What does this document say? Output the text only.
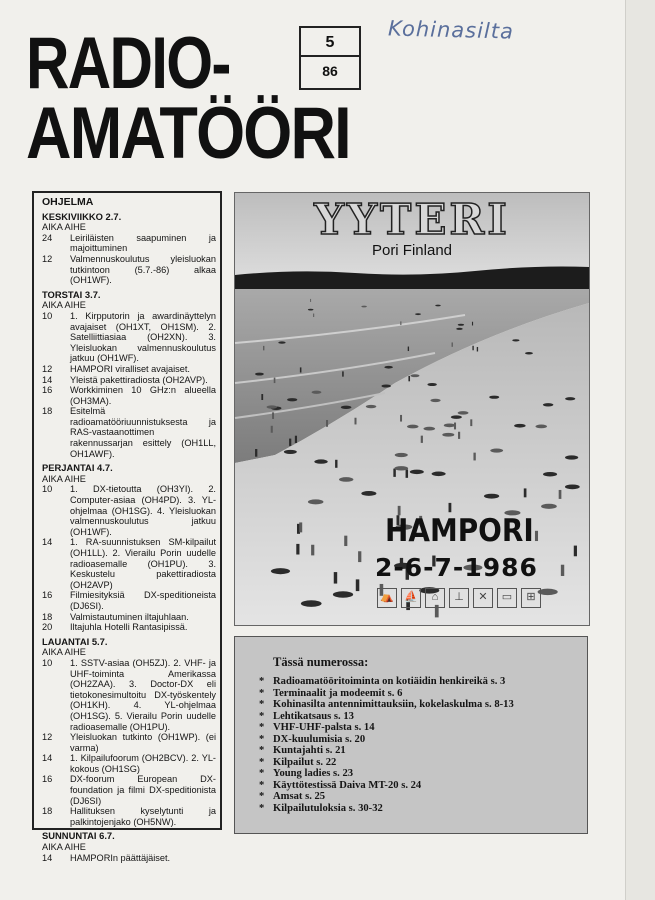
RADIO-
AMATÖÖRI
5
86
Kohinasilta
OHJELMA
KESKIVIIKKO 2.7.
AIKA AIHE
24	Leiriläisten saapuminen ja majoittuminen
12	Valmennuskoulutus yleisluokan tutkintoon (5.7.-86) alkaa (OH1WF).
TORSTAI 3.7.
AIKA AIHE
10	1. Kirpputorin ja awardinäyttelyn avajaiset (OH1XT, OH1SM). 2. Satelliittiasiaa (OH2XN). 3. Yleisluokan valmennuskoulutus jatkuu (OH1WF).
12	HAMPORI viralliset avajaiset.
14	Yleistä pakettiradiosta (OH2AVP).
16	Workkiminen 10 GHz:n alueella (OH3MA).
18	Esitelmä radioamatööriuunnistuksesta ja RAS-vastaanottimen rakennussarjan esittely (OH1LL, OH1AWF).
PERJANTAI 4.7.
AIKA AIHE
10	1. DX-tietoutta (OH3YI). 2. Computer-asiaa (OH4PD). 3. YL-ohjelmaa (OH1SG). 4. Yleisluokan valmennuskoulutus jatkuu (OH1WF).
14	1. RA-suunnistuksen SM-kilpailut (OH1LL). 2. Vierailu Porin uudelle radioasemalle (OH1PU). 3. Keskustelu pakettiradiosta (OH2AVP)
16	Filmiesityksiä DX-speditioneista (DJ6SI).
18	Valmistautuminen iltajuhlaan.
20	Iltajuhla Hotelli Rantasipissä.
LAUANTAI 5.7.
AIKA AIHE
10	1. SSTV-asiaa (OH5ZJ). 2. VHF- ja UHF-toiminta Amerikassa (OH2ZAA). 3. Doctor-DX eli tietokonesimultoitu DX-työskentely (OH1KH). 4. YL-ohjelmaa (OH1SG). 5. Vierailu Porin uudelle radioasemalle (OH1PU).
12	Yleisluokan tutkinto (OH1WP). (ei varma)
14	1. Kilpailufoorum (OH2BCV). 2. YL-kokous (OH1SG)
16	DX-foorum European DX-foundation ja filmi DX-speditionista (DJ6SI)
18	Hallituksen kyselytunti ja palkintojenjako (OH5NW).
SUNNUNTAI 6.7.
AIKA AIHE
14	HAMPORIn päättäjäiset.
YYTERI
Pori Finland
HAMPORI
2-6-7-1986
⛺ ⛵	⌂	⊥	✕	▭	⊞
Tässä numerossa:
* Radioamatööritoiminta on kotiäidin henkireikä s. 3
* Terminaalit ja modeemit s. 6
* Kohinasilta antennimittauksiin, kokelaskulma s. 8-13
* Lehtikatsaus s. 13
* VHF-UHF-palsta s. 14
* DX-kuulumisia s. 20
* Kuntajahti s. 21
* Kilpailut s. 22
* Young ladies s. 23
* Käyttötestissä Daiva MT-20 s. 24
* Amsat s. 25
* Kilpailutuloksia s. 30-32
